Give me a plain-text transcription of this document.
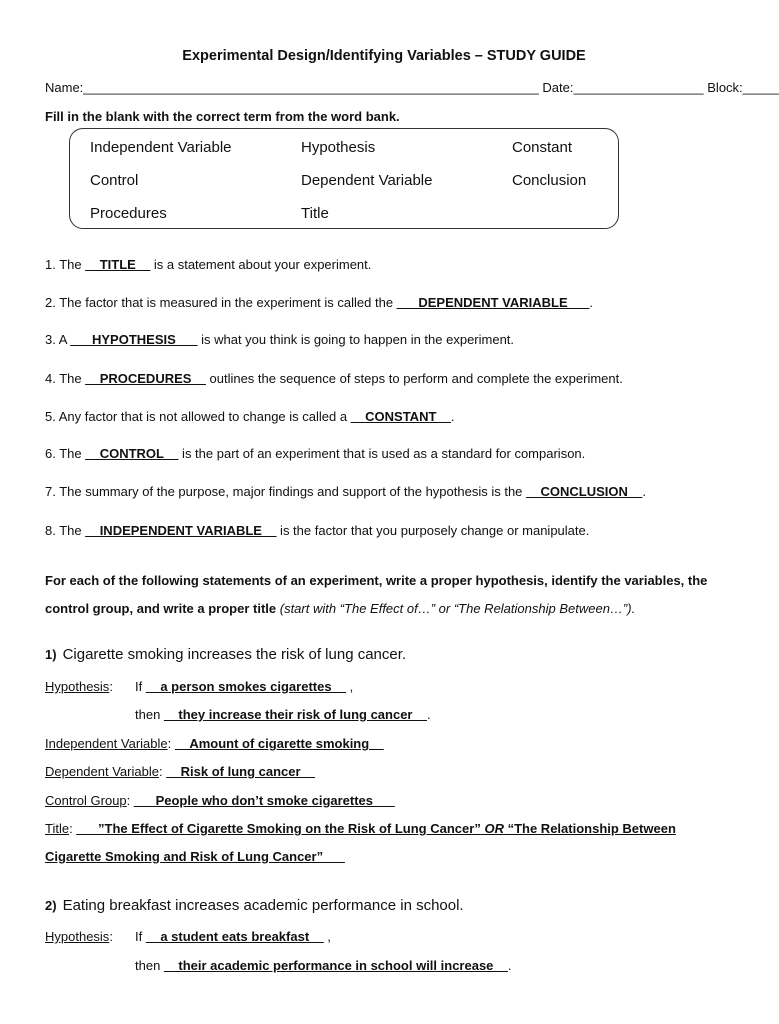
Experimental Design/Identifying Variables – STUDY GUIDE
Name:_______________________________________________________________ Date:__________________ Block:_____
Fill in the blank with the correct term from the word bank.
Independent Variable	Hypothesis	Constant
Control	Dependent Variable	Conclusion
Procedures	Title
1. The __TITLE__ is a statement about your experiment.
2. The factor that is measured in the experiment is called the ___DEPENDENT VARIABLE___.
3. A ___HYPOTHESIS___ is what you think is going to happen in the experiment.
4. The __PROCEDURES__ outlines the sequence of steps to perform and complete the experiment.
5. Any factor that is not allowed to change is called a __CONSTANT__.
6. The __CONTROL__ is the part of an experiment that is used as a standard for comparison.
7. The summary of the purpose, major findings and support of the hypothesis is the __CONCLUSION__.
8. The __INDEPENDENT VARIABLE__ is the factor that you purposely change or manipulate.
For each of the following statements of an experiment, write a proper hypothesis, identify the variables, the control group, and write a proper title (start with “The Effect of…” or “The Relationship Between…”).
1) Cigarette smoking increases the risk of lung cancer.
Hypothesis: If __a person smokes cigarettes__ ,
then __they increase their risk of lung cancer__.
Independent Variable: __Amount of cigarette smoking__
Dependent Variable: __Risk of lung cancer__
Control Group: ___People who don’t smoke cigarettes___
Title: ___”The Effect of Cigarette Smoking on the Risk of Lung Cancer” OR “The Relationship Between
Cigarette Smoking and Risk of Lung Cancer”___
2) Eating breakfast increases academic performance in school.
Hypothesis: If __a student eats breakfast__ ,
then __their academic performance in school will increase__.
